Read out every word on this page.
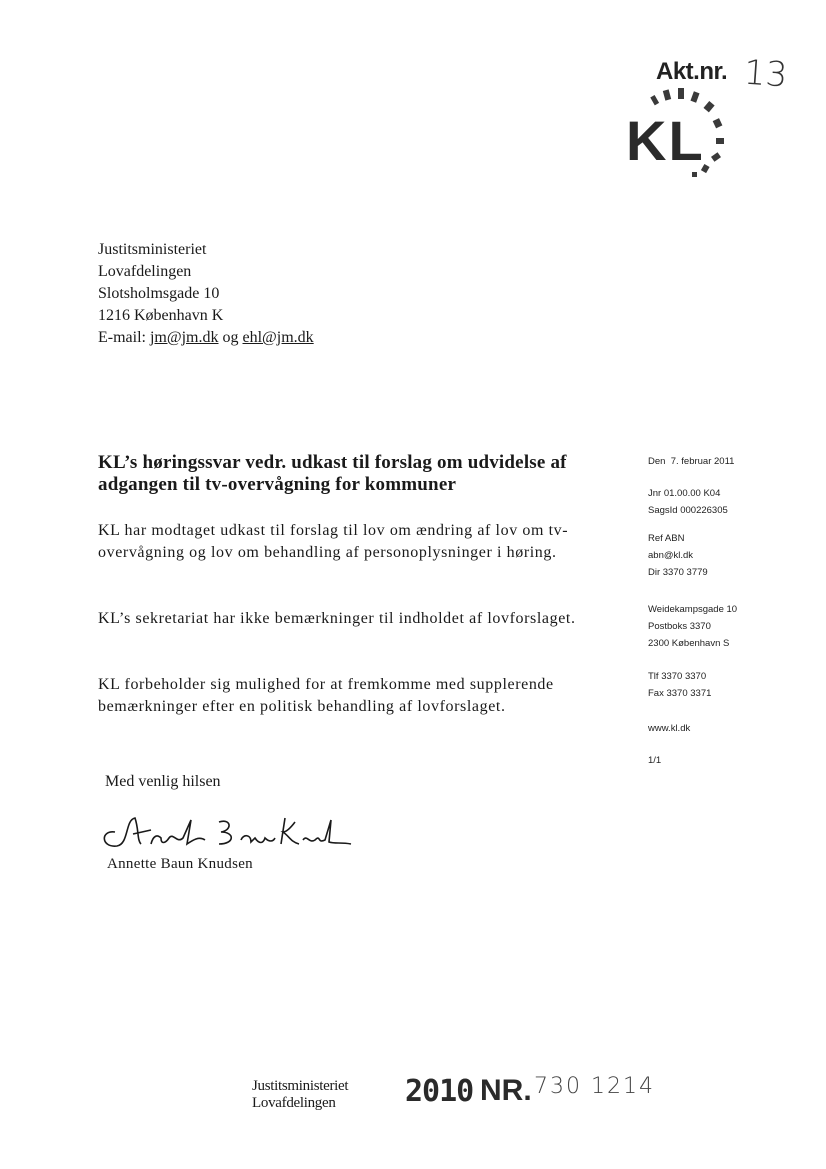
Akt.nr. 13
KL
Justitsministeriet
Lovafdelingen
Slotsholmsgade 10
1216 København K
E-mail: jm@jm.dk og ehl@jm.dk
KL’s høringssvar vedr. udkast til forslag om udvidelse af adgangen til tv-overvågning for kommuner
KL har modtaget udkast til forslag til lov om ændring af lov om tv-overvågning og lov om behandling af personoplysninger i høring.
KL’s sekretariat har ikke bemærkninger til indholdet af lovforslaget.
KL forbeholder sig mulighed for at fremkomme med supplerende bemærkninger efter en politisk behandling af lovforslaget.
Med venlig hilsen
Annette Baun Knudsen
Den  7. februar 2011
Jnr 01.00.00 K04
SagsId 000226305
Ref ABN
abn@kl.dk
Dir 3370 3779
Weidekampsgade 10
Postboks 3370
2300 København S
Tlf 3370 3370
Fax 3370 3371
www.kl.dk
1/1
Justitsministeriet
Lovafdelingen	2010 NR. 730 1214
